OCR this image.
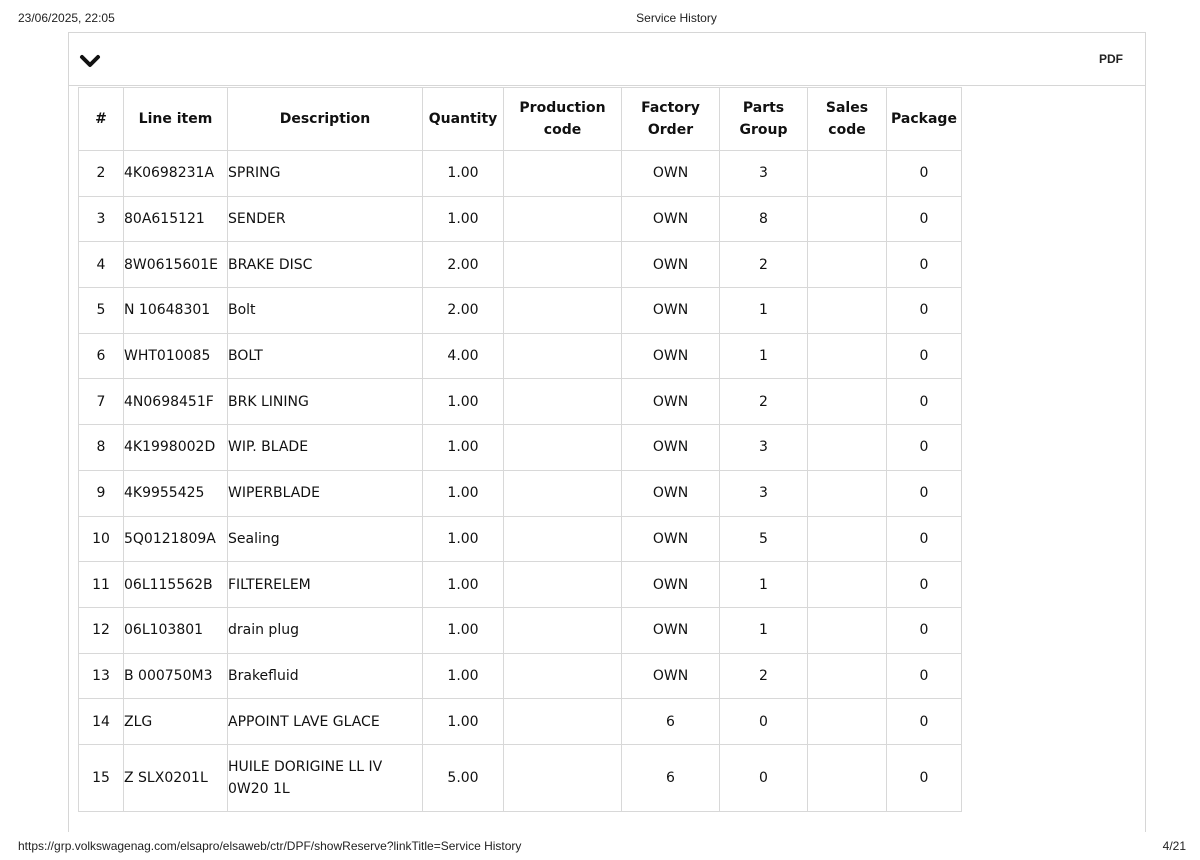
23/06/2025, 22:05	Service History
PDF
#	Line item	Description	Quantity	Production code	Factory Order	Parts Group	Sales code	Package
2	4K0698231A	SPRING	1.00		OWN	3		0
3	80A615121	SENDER	1.00		OWN	8		0
4	8W0615601E	BRAKE DISC	2.00		OWN	2		0
5	N 10648301	Bolt	2.00		OWN	1		0
6	WHT010085	BOLT	4.00		OWN	1		0
7	4N0698451F	BRK LINING	1.00		OWN	2		0
8	4K1998002D	WIP. BLADE	1.00		OWN	3		0
9	4K9955425	WIPERBLADE	1.00		OWN	3		0
10	5Q0121809A	Sealing	1.00		OWN	5		0
11	06L115562B	FILTERELEM	1.00		OWN	1		0
12	06L103801	drain plug	1.00		OWN	1		0
13	B 000750M3	Brakefluid	1.00		OWN	2		0
14	ZLG	APPOINT LAVE GLACE	1.00		6	0		0
15	Z SLX0201L	HUILE DORIGINE LL IV 0W20 1L	5.00		6	0		0
https://grp.volkswagenag.com/elsapro/elsaweb/ctr/DPF/showReserve?linkTitle=Service History	4/21
